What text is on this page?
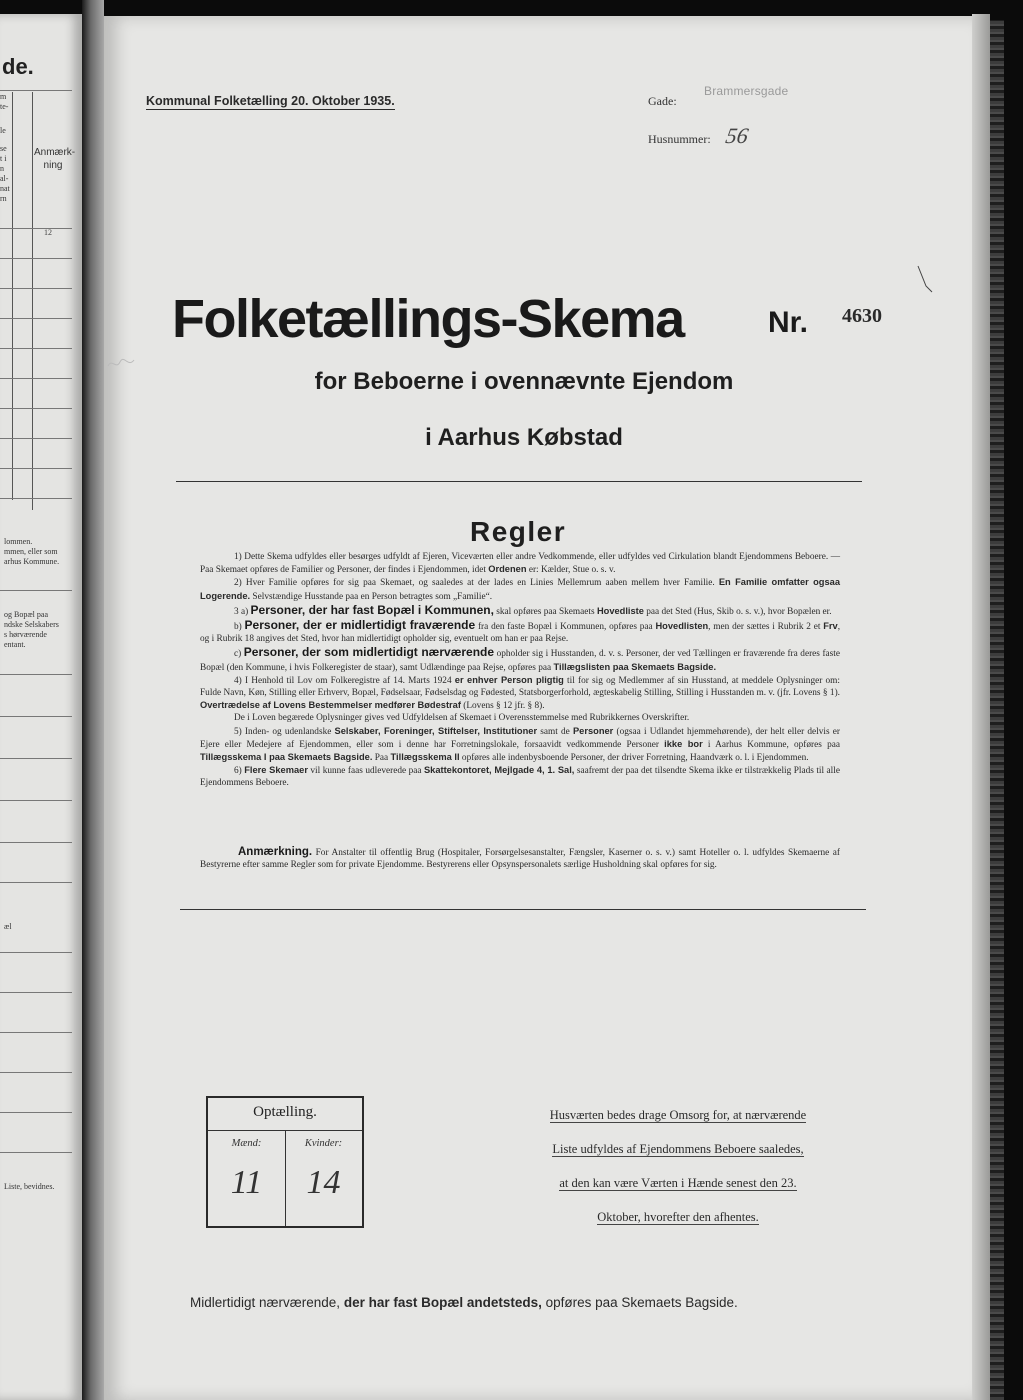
de.
m
te-
le
se
t i
n
al-
nat
rn
Anmærk-
ning
12
lommen.
mmen, eller som
arhus Kommune.
og Bopæl paa
ndske Selskabers
s hørværende
entant.
æl
Liste, bevidnes.
Kommunal Folketælling 20. Oktober 1935.	Gade:
Brammersgade
Husnummer: 56
Folketællings-Skema	Nr. 4630
for Beboerne i ovennævnte Ejendom
i Aarhus Købstad
Regler

1) Dette Skema udfyldes eller besørges udfyldt af Ejeren, Viceværten eller andre Vedkommende, eller udfyldes ved Cirkulation blandt Ejendommens Beboere. — Paa Skemaet opføres de Familier og Personer, der findes i Ejendommen, idet Ordenen er: Kælder, Stue o. s. v.

2) Hver Familie opføres for sig paa Skemaet, og saaledes at der lades en Linies Mellemrum aaben mellem hver Familie. En Familie omfatter ogsaa Logerende. Selvstændige Husstande paa en Person betragtes som „Familie“.

3 a) Personer, der har fast Bopæl i Kommunen, skal opføres paa Skemaets Hovedliste paa det Sted (Hus, Skib o. s. v.), hvor Bopælen er.

b) Personer, der er midlertidigt fraværende fra den faste Bopæl i Kommunen, opføres paa Hovedlisten, men der sættes i Rubrik 2 et Frv, og i Rubrik 18 angives det Sted, hvor han midlertidigt opholder sig, eventuelt om han er paa Rejse.

c) Personer, der som midlertidigt nærværende opholder sig i Husstanden, d. v. s. Personer, der ved Tællingen er fraværende fra deres faste Bopæl (den Kommune, i hvis Folkeregister de staar), samt Udlændinge paa Rejse, opføres paa Tillægslisten paa Skemaets Bagside.

4) I Henhold til Lov om Folkeregistre af 14. Marts 1924 er enhver Person pligtig til for sig og Medlemmer af sin Husstand, at meddele Oplysninger om: Fulde Navn, Køn, Stilling eller Erhverv, Bopæl, Fødselsaar, Fødselsdag og Fødested, Statsborgerforhold, ægteskabelig Stilling, Stilling i Husstanden m. v. (jfr. Lovens § 1). Overtrædelse af Lovens Bestemmelser medfører Bødestraf (Lovens § 12 jfr. § 8).

De i Loven begærede Oplysninger gives ved Udfyldelsen af Skemaet i Overensstemmelse med Rubrikkernes Overskrifter.

5) Inden- og udenlandske Selskaber, Foreninger, Stiftelser, Institutioner samt de Personer (ogsaa i Udlandet hjemmehørende), der helt eller delvis er Ejere eller Medejere af Ejendommen, eller som i denne har Forretningslokale, forsaavidt vedkommende Personer ikke bor i Aarhus Kommune, opføres paa Tillægsskema I paa Skemaets Bagside. Paa Tillægsskema II opføres alle indenbysboende Personer, der driver Forretning, Haandværk o. l. i Ejendommen.

6) Flere Skemaer vil kunne faas udleverede paa Skattekontoret, Mejlgade 4, 1. Sal, saafremt der paa det tilsendte Skema ikke er tilstrækkelig Plads til alle Ejendommens Beboere.

Anmærkning. For Anstalter til offentlig Brug (Hospitaler, Forsørgelsesanstalter, Fængsler, Kaserner o. s. v.) samt Hoteller o. l. udfyldes Skemaerne af Bestyrerne efter samme Regler som for private Ejendomme. Bestyrerens eller Opsynspersonalets særlige Husholdning skal opføres for sig.

Optælling.
Mænd:	Kvinder:
11	14
Husværten bedes drage Omsorg for, at nærværende
Liste udfyldes af Ejendommens Beboere saaledes,
at den kan være Værten i Hænde senest den 23.
Oktober, hvorefter den afhentes.
Midlertidigt nærværende, der har fast Bopæl andetsteds, opføres paa Skemaets Bagside.
